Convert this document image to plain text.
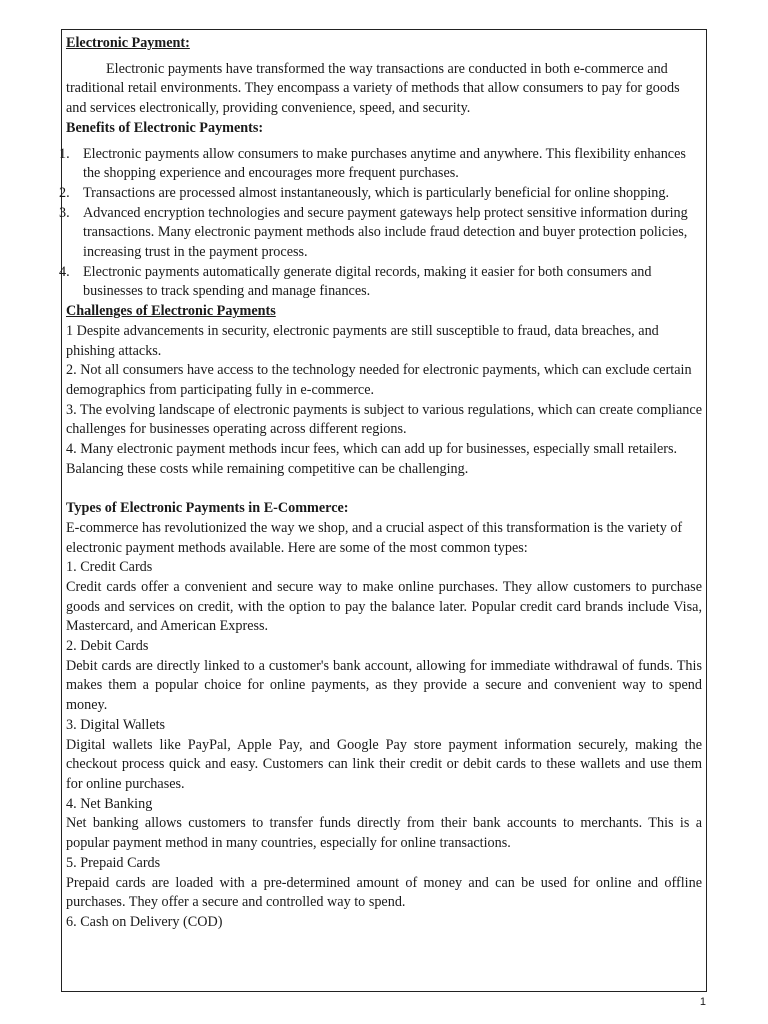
Electronic Payment:

Electronic payments have transformed the way transactions are conducted in both e-commerce and traditional retail environments. They encompass a variety of methods that allow consumers to pay for goods and services electronically, providing convenience, speed, and security.

Benefits of Electronic Payments:

1. Electronic payments allow consumers to make purchases anytime and anywhere. This flexibility enhances the shopping experience and encourages more frequent purchases.
2. Transactions are processed almost instantaneously, which is particularly beneficial for online shopping.
3. Advanced encryption technologies and secure payment gateways help protect sensitive information during transactions. Many electronic payment methods also include fraud detection and buyer protection policies, increasing trust in the payment process.
4. Electronic payments automatically generate digital records, making it easier for both consumers and businesses to track spending and manage finances.

Challenges of Electronic Payments

1 Despite advancements in security, electronic payments are still susceptible to fraud, data breaches, and phishing attacks.

2. Not all consumers have access to the technology needed for electronic payments, which can exclude certain demographics from participating fully in e-commerce.

3. The evolving landscape of electronic payments is subject to various regulations, which can create compliance challenges for businesses operating across different regions.

4. Many electronic payment methods incur fees, which can add up for businesses, especially small retailers. Balancing these costs while remaining competitive can be challenging.

Types of Electronic Payments in E-Commerce:

E-commerce has revolutionized the way we shop, and a crucial aspect of this transformation is the variety of electronic payment methods available. Here are some of the most common types:

1. Credit Cards

Credit cards offer a convenient and secure way to make online purchases. They allow customers to purchase goods and services on credit, with the option to pay the balance later. Popular credit card brands include Visa, Mastercard, and American Express.

2. Debit Cards

Debit cards are directly linked to a customer's bank account, allowing for immediate withdrawal of funds. This makes them a popular choice for online payments, as they provide a secure and convenient way to spend money.

3. Digital Wallets

Digital wallets like PayPal, Apple Pay, and Google Pay store payment information securely, making the checkout process quick and easy. Customers can link their credit or debit cards to these wallets and use them for online purchases.

4. Net Banking

Net banking allows customers to transfer funds directly from their bank accounts to merchants. This is a popular payment method in many countries, especially for online transactions.

5. Prepaid Cards

Prepaid cards are loaded with a pre-determined amount of money and can be used for online and offline purchases. They offer a secure and controlled way to spend.

6. Cash on Delivery (COD)

1
